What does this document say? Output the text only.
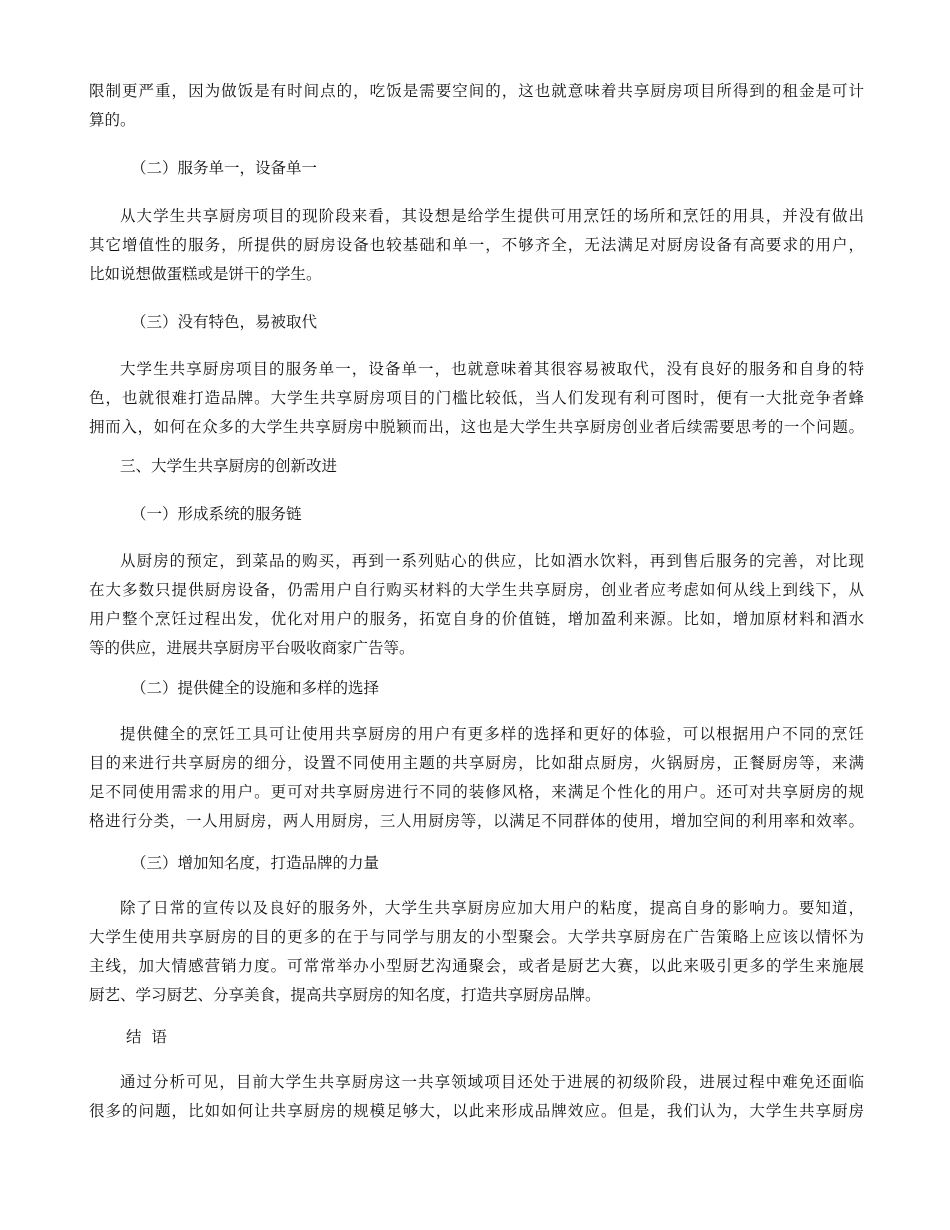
限制更严重，因为做饭是有时间点的，吃饭是需要空间的，这也就意味着共享厨房项目所得到的租金是可计
算的。
（二）服务单一，设备单一
从大学生共享厨房项目的现阶段来看，其设想是给学生提供可用烹饪的场所和烹饪的用具，并没有做出
其它增值性的服务，所提供的厨房设备也较基础和单一，不够齐全，无法满足对厨房设备有高要求的用户，
比如说想做蛋糕或是饼干的学生。
（三）没有特色，易被取代
大学生共享厨房项目的服务单一，设备单一，也就意味着其很容易被取代，没有良好的服务和自身的特
色，也就很难打造品牌。大学生共享厨房项目的门槛比较低，当人们发现有利可图时，便有一大批竞争者蜂
拥而入，如何在众多的大学生共享厨房中脱颖而出，这也是大学生共享厨房创业者后续需要思考的一个问题。
三、大学生共享厨房的创新改进
（一）形成系统的服务链
从厨房的预定，到菜品的购买，再到一系列贴心的供应，比如酒水饮料，再到售后服务的完善，对比现
在大多数只提供厨房设备，仍需用户自行购买材料的大学生共享厨房，创业者应考虑如何从线上到线下，从
用户整个烹饪过程出发，优化对用户的服务，拓宽自身的价值链，增加盈利来源。比如，增加原材料和酒水
等的供应，进展共享厨房平台吸收商家广告等。
（二）提供健全的设施和多样的选择
提供健全的烹饪工具可让使用共享厨房的用户有更多样的选择和更好的体验，可以根据用户不同的烹饪
目的来进行共享厨房的细分，设置不同使用主题的共享厨房，比如甜点厨房，火锅厨房，正餐厨房等，来满
足不同使用需求的用户。更可对共享厨房进行不同的装修风格，来满足个性化的用户。还可对共享厨房的规
格进行分类，一人用厨房，两人用厨房，三人用厨房等，以满足不同群体的使用，增加空间的利用率和效率。
（三）增加知名度，打造品牌的力量
除了日常的宣传以及良好的服务外，大学生共享厨房应加大用户的粘度，提高自身的影响力。要知道，
大学生使用共享厨房的目的更多的在于与同学与朋友的小型聚会。大学共享厨房在广告策略上应该以情怀为
主线，加大情感营销力度。可常常举办小型厨艺沟通聚会，或者是厨艺大赛，以此来吸引更多的学生来施展
厨艺、学习厨艺、分享美食，提高共享厨房的知名度，打造共享厨房品牌。
结  语
通过分析可见，目前大学生共享厨房这一共享领域项目还处于进展的初级阶段，进展过程中难免还面临
很多的问题，比如如何让共享厨房的规模足够大，以此来形成品牌效应。但是，我们认为，大学生共享厨房
